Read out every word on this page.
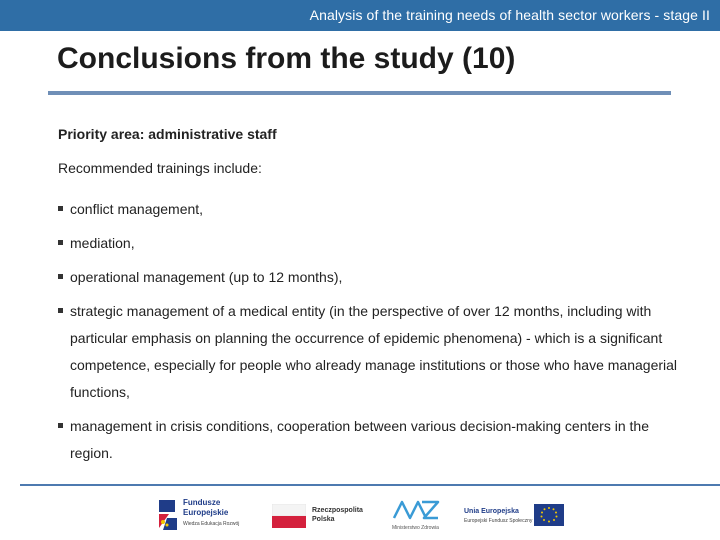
Analysis of the training needs of health sector workers - stage II
Conclusions from the study (10)
Priority area: administrative staff
Recommended trainings include:
conflict management,
mediation,
operational management (up to 12 months),
strategic management of a medical entity (in the perspective of over 12 months, including with particular emphasis on planning the occurrence of epidemic phenomena) - which is a significant competence, especially for people who already manage institutions or those who have managerial functions,
management in crisis conditions, cooperation between various decision-making centers in the region.
Fundusze
Europejskie
Wiedza Edukacja Rozwój
Rzeczpospolita
Polska
Ministerstwo Zdrowia
Unia Europejska
Europejski Fundusz Społeczny
